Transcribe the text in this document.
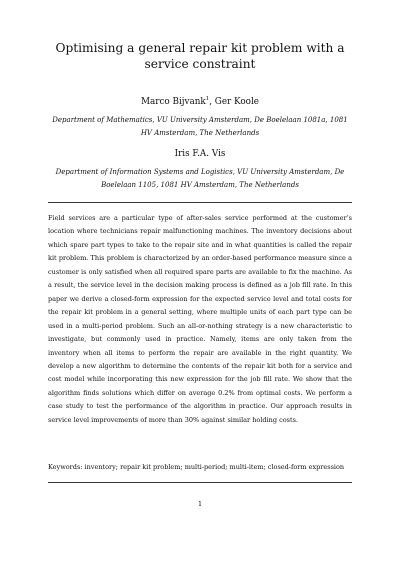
Optimising a general repair kit problem with a service constraint
Marco Bijvank$^1$, Ger Koole
Department of Mathematics, VU University Amsterdam, De Boelelaan 1081a, 1081 HV Amsterdam, The Netherlands
Iris F.A. Vis
Department of Information Systems and Logistics, VU University Amsterdam, De Boelelaan 1105, 1081 HV Amsterdam, The Netherlands
Field services are a particular type of after-sales service performed at the customer’s location where technicians repair malfunctioning machines. The inventory decisions about which spare part types to take to the repair site and in what quantities is called the repair kit problem. This problem is characterized by an order-based performance measure since a customer is only satisfied when all required spare parts are available to fix the machine. As a result, the service level in the decision making process is defined as a job fill rate. In this paper we derive a closed-form expression for the expected service level and total costs for the repair kit problem in a general setting, where multiple units of each part type can be used in a multi-period problem. Such an all-or-nothing strategy is a new characteristic to investigate, but commonly used in practice. Namely, items are only taken from the inventory when all items to perform the repair are available in the right quantity. We develop a new algorithm to determine the contents of the repair kit both for a service and cost model while incorporating this new expression for the job fill rate. We show that the algorithm finds solutions which differ on average 0.2% from optimal costs. We perform a case study to test the performance of the algorithm in practice. Our approach results in service level improvements of more than 30% against similar holding costs.
Keywords: inventory; repair kit problem; multi-period; multi-item; closed-form expression
1
